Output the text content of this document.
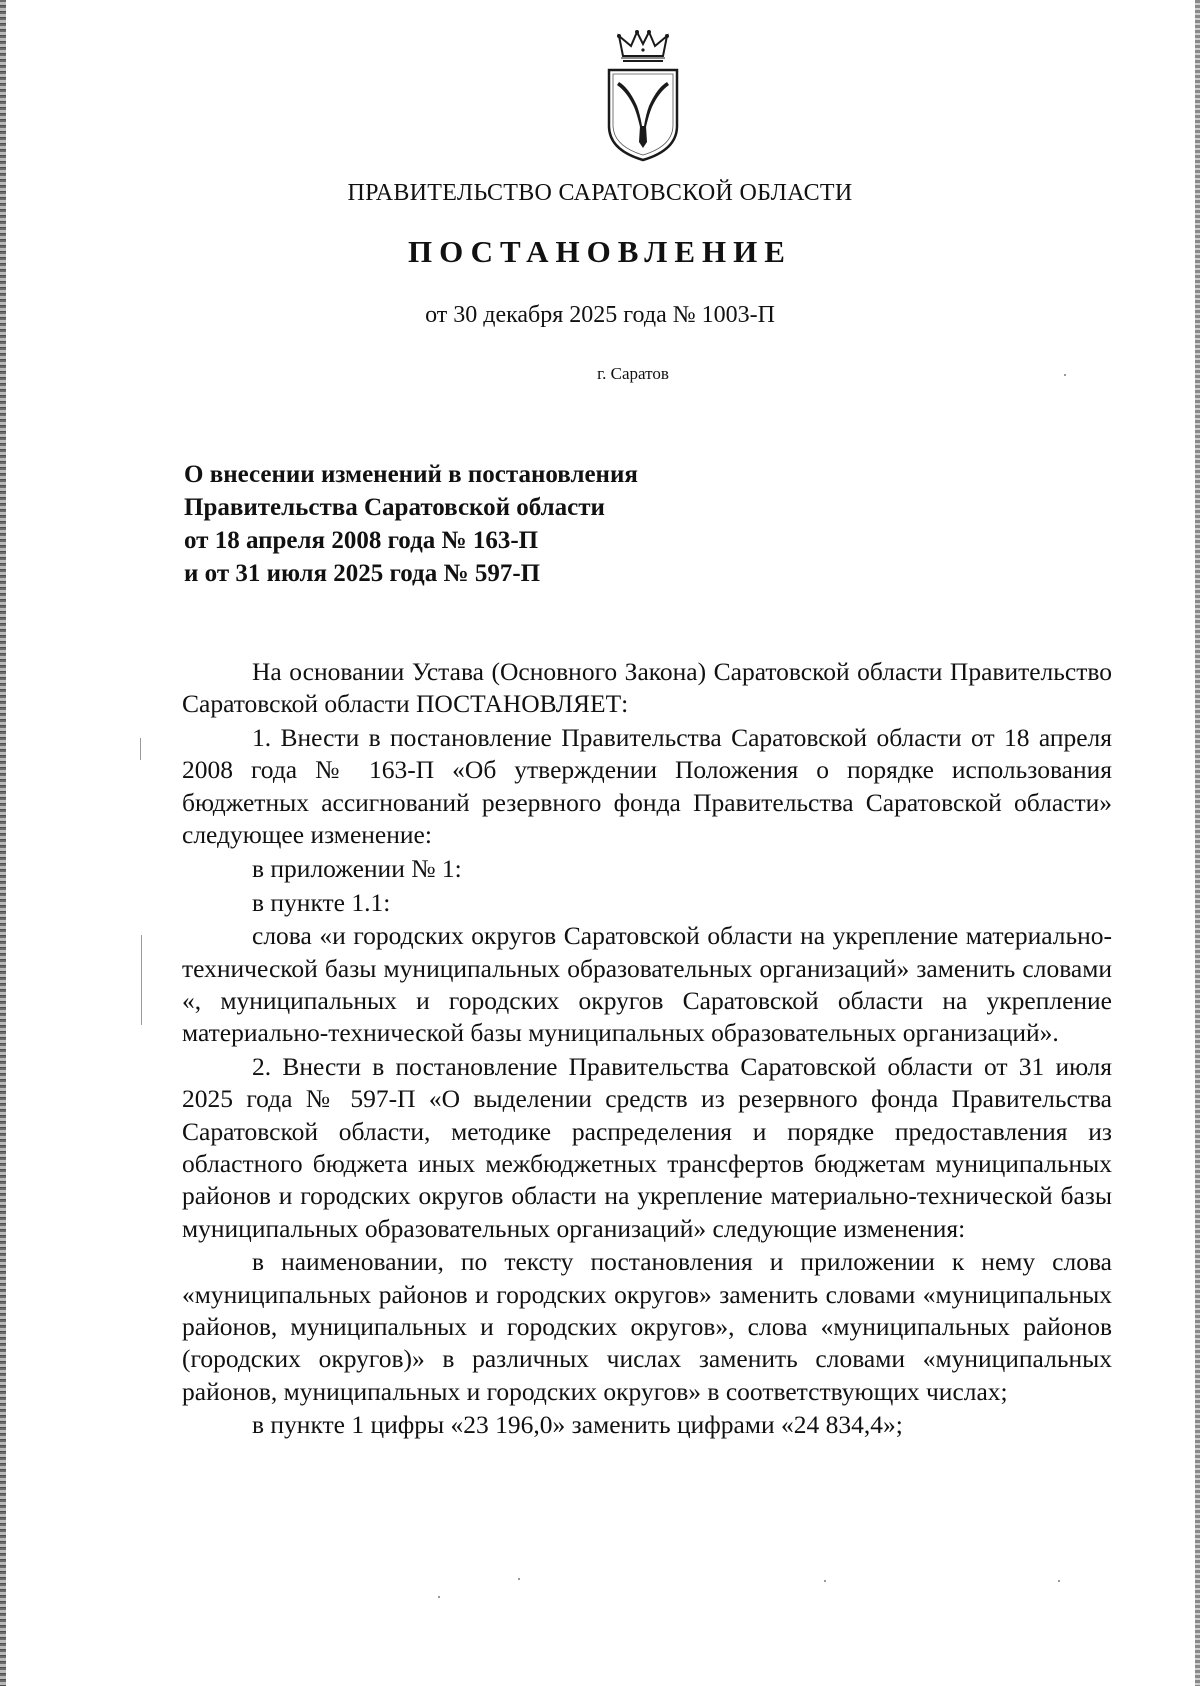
ПРАВИТЕЛЬСТВО САРАТОВСКОЙ ОБЛАСТИ
ПОСТАНОВЛЕНИЕ
от 30 декабря 2025 года № 1003-П
г. Саратов
О внесении изменений в постановления
Правительства Саратовской области
от 18 апреля 2008 года № 163-П
и от 31 июля 2025 года № 597-П

На основании Устава (Основного Закона) Саратовской области Правительство Саратовской области ПОСТАНОВЛЯЕТ:

1. Внести в постановление Правительства Саратовской области от 18 апреля 2008 года № 163-П «Об утверждении Положения о порядке использования бюджетных ассигнований резервного фонда Правительства Саратовской области» следующее изменение:

в приложении № 1:

в пункте 1.1:

слова «и городских округов Саратовской области на укрепление материально-технической базы муниципальных образовательных организаций» заменить словами «, муниципальных и городских округов Саратовской области на укрепление материально-технической базы муниципальных образовательных организаций».

2. Внести в постановление Правительства Саратовской области от 31 июля 2025 года № 597-П «О выделении средств из резервного фонда Правительства Саратовской области, методике распределения и порядке предоставления из областного бюджета иных межбюджетных трансфертов бюджетам муниципальных районов и городских округов области на укрепление материально-технической базы муниципальных образовательных организаций» следующие изменения:

в наименовании, по тексту постановления и приложении к нему слова «муниципальных районов и городских округов» заменить словами «муниципальных районов, муниципальных и городских округов», слова «муниципальных районов (городских округов)» в различных числах заменить словами «муниципальных районов, муниципальных и городских округов» в соответствующих числах;

в пункте 1 цифры «23 196,0» заменить цифрами «24 834,4»;
